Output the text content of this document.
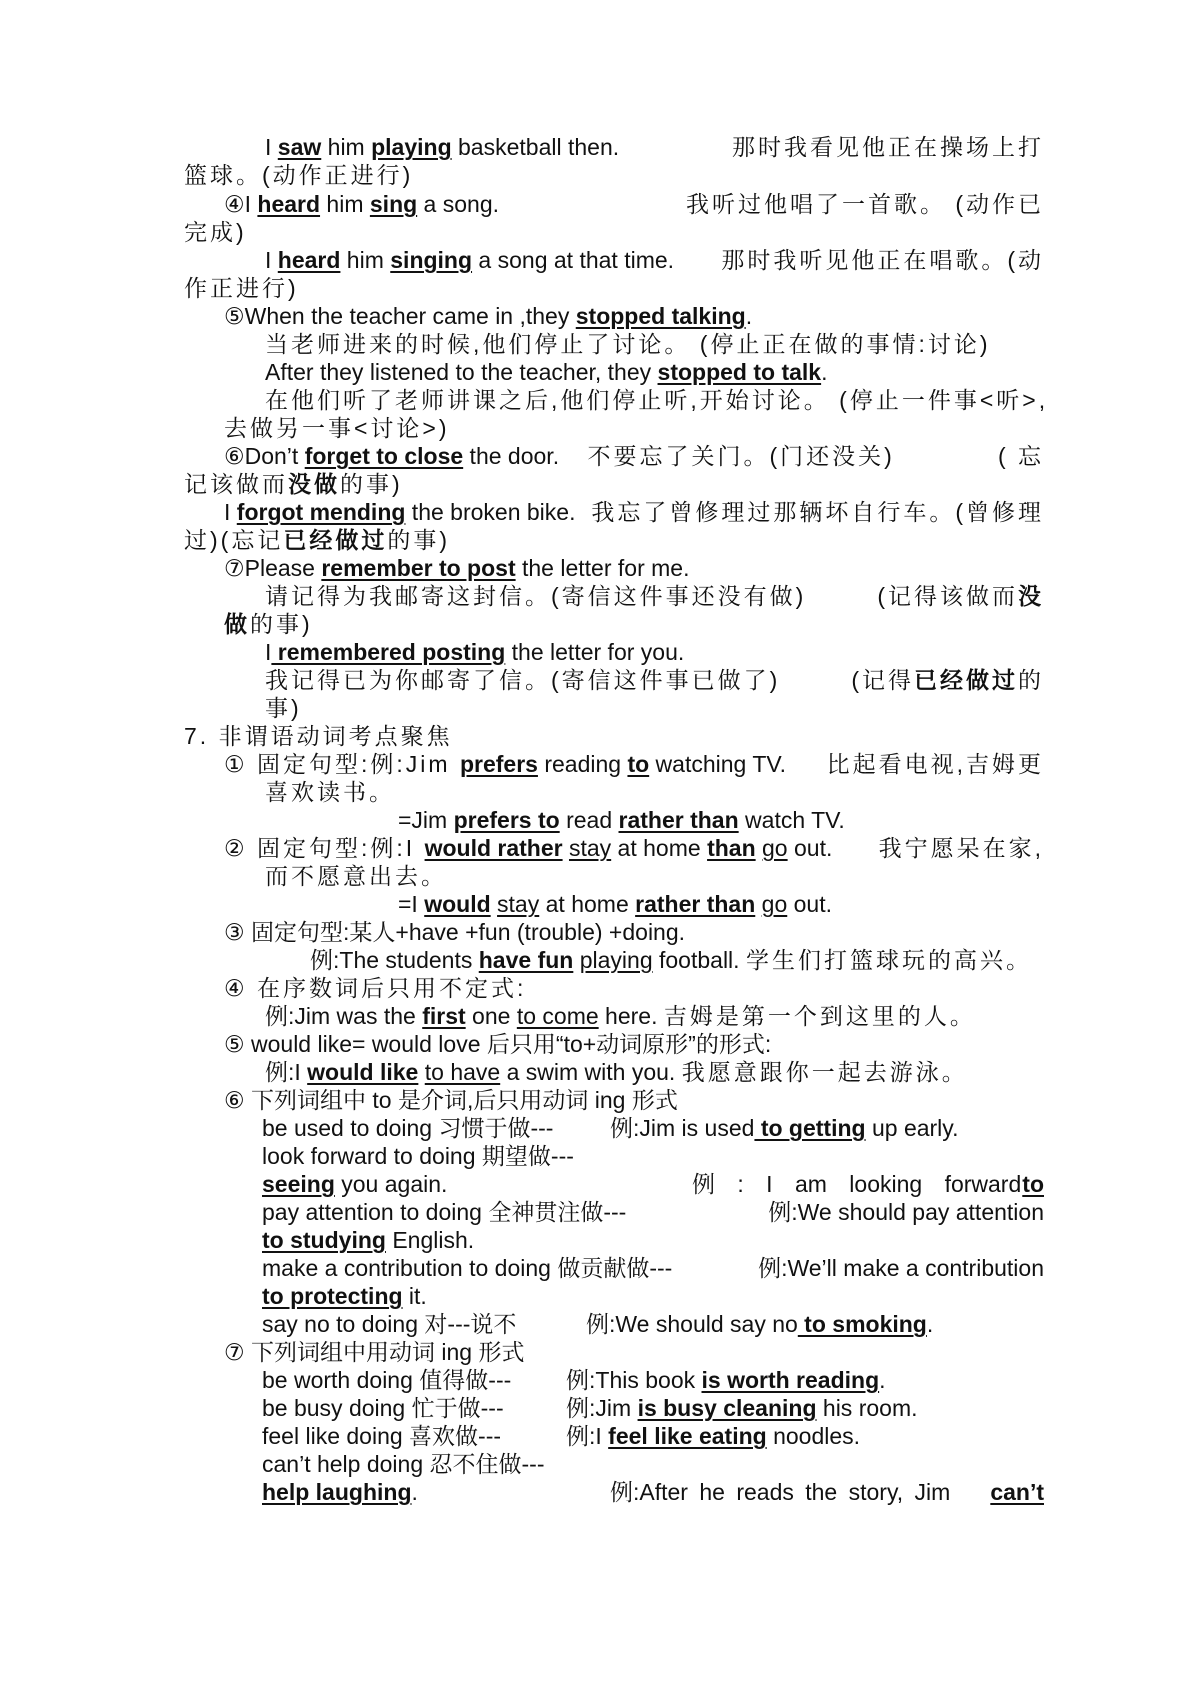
I saw him playing basketball then.	那时我看见他正在操场上打
篮球。(动作正进行)
④I heard him sing a song.	我听过他唱了一首歌。 (动作已
完成)
I heard him singing a song at that time. 那时我听见他正在唱歌。(动
作正进行)
⑤When the teacher came in ,they stopped talking.
当老师进来的时候,他们停止了讨论。 (停止正在做的事情:讨论)
After they listened to the teacher, they stopped to talk.
在他们听了老师讲课之后,他们停止听,开始讨论。 (停止一件事<听>,
去做另一事<讨论>)
⑥Don’t forget to close the door. 不要忘了关门。(门还没关)	( 忘
记该做而没做的事)
I forgot mending the broken bike. 我忘了曾修理过那辆坏自行车。(曾修理
过)(忘记已经做过的事)
⑦Please remember to post the letter for me.
请记得为我邮寄这封信。(寄信这件事还没有做)	(记得该做而没
做的事)
I remembered posting the letter for you.
我记得已为你邮寄了信。(寄信这件事已做了)	(记得已经做过的
事)
7. 非谓语动词考点聚焦
① 固定句型:例:Jim prefers reading to watching TV. 比起看电视,吉姆更
喜欢读书。
=Jim prefers to read rather than watch TV.
② 固定句型:例:I would rather stay at home than go out. 我宁愿呆在家,
而不愿意出去。
=I would stay at home rather than go out.
③ 固定句型:某人+have +fun (trouble) +doing.
例:The students have fun playing football. 学生们打篮球玩的高兴。
④ 在序数词后只用不定式:
例:Jim was the first one to come here. 吉姆是第一个到这里的人。
⑤ would like= would love 后只用“to+动词原形”的形式:
例:I would like to have a swim with you. 我愿意跟你一起去游泳。
⑥ 下列词组中 to 是介词,后只用动词 ing 形式
be used to doing 习惯于做--- 例:Jim is used to getting up early.
look forward to doing 期望做---
例 : I am looking forward to
seeing you again.
pay attention to doing 全神贯注做---	例:We should pay attention
to studying English.
make a contribution to doing 做贡献做---	例:We’ll make a contribution
to protecting it.
say no to doing 对---说不	例:We should say no to smoking.
⑦ 下列词组中用动词 ing 形式
be worth doing 值得做--- 例:This book is worth reading.
be busy doing 忙于做---	例:Jim is busy cleaning his room.
feel like doing 喜欢做---	例:I feel like eating noodles.
can’t help doing 忍不住做---
例:After he reads the story, Jim can’t
help laughing.
